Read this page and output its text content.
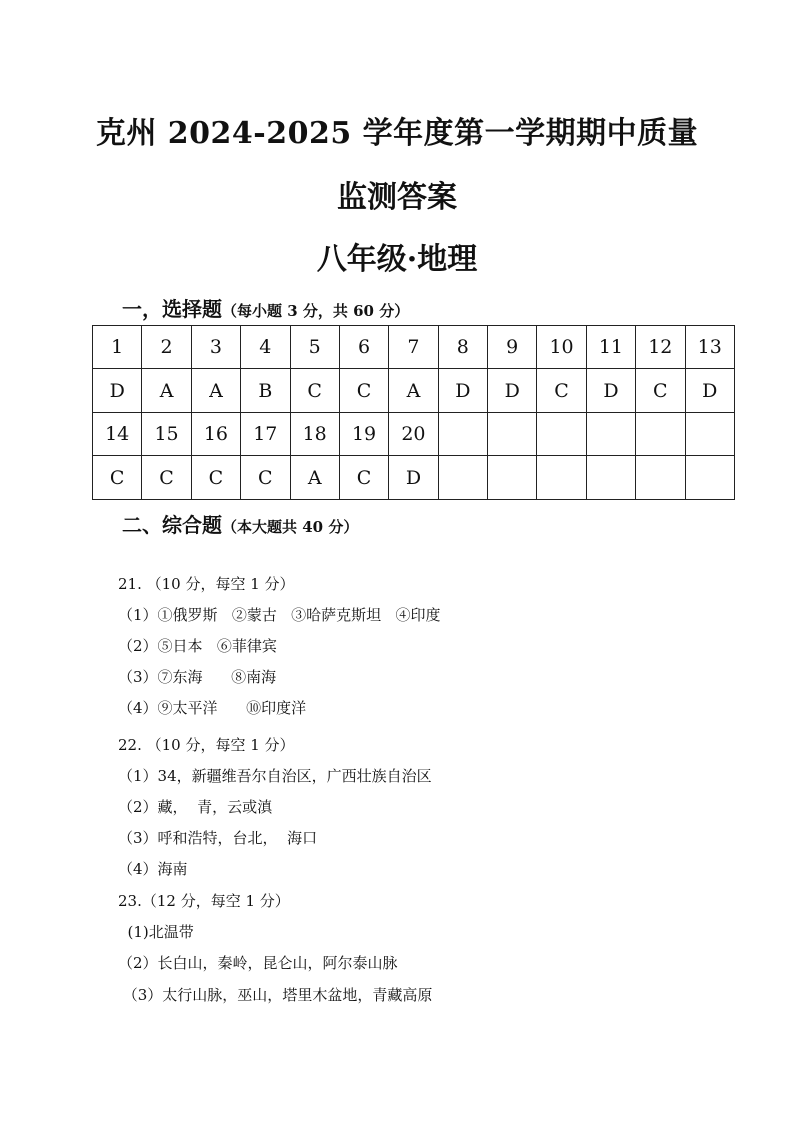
克州 2024-2025 学年度第一学期期中质量
监测答案
八年级·地理
一，选择题（每小题 3 分，共 60 分）
1	2	3	4	5	6	7	8	9	10	11	12	13
D	A	A	B	C	C	A	D	D	C	D	C	D
14	15	16	17	18	19	20						
C	C	C	C	A	C	D						
二、综合题（本大题共 40 分）
21. （10 分，每空 1 分）
（1）①俄罗斯   ②蒙古   ③哈萨克斯坦   ④印度
（2）⑤日本   ⑥菲律宾
（3）⑦东海      ⑧南海
（4）⑨太平洋      ⑩印度洋
22. （10 分，每空 1 分）
（1）34，新疆维吾尔自治区，广西壮族自治区
（2）藏，  青，云或滇
（3）呼和浩特，台北，  海口
（4）海南
23.（12 分，每空 1 分）
(1)北温带
（2）长白山，秦岭，昆仑山，阿尔泰山脉
（3）太行山脉，巫山，塔里木盆地，青藏高原
